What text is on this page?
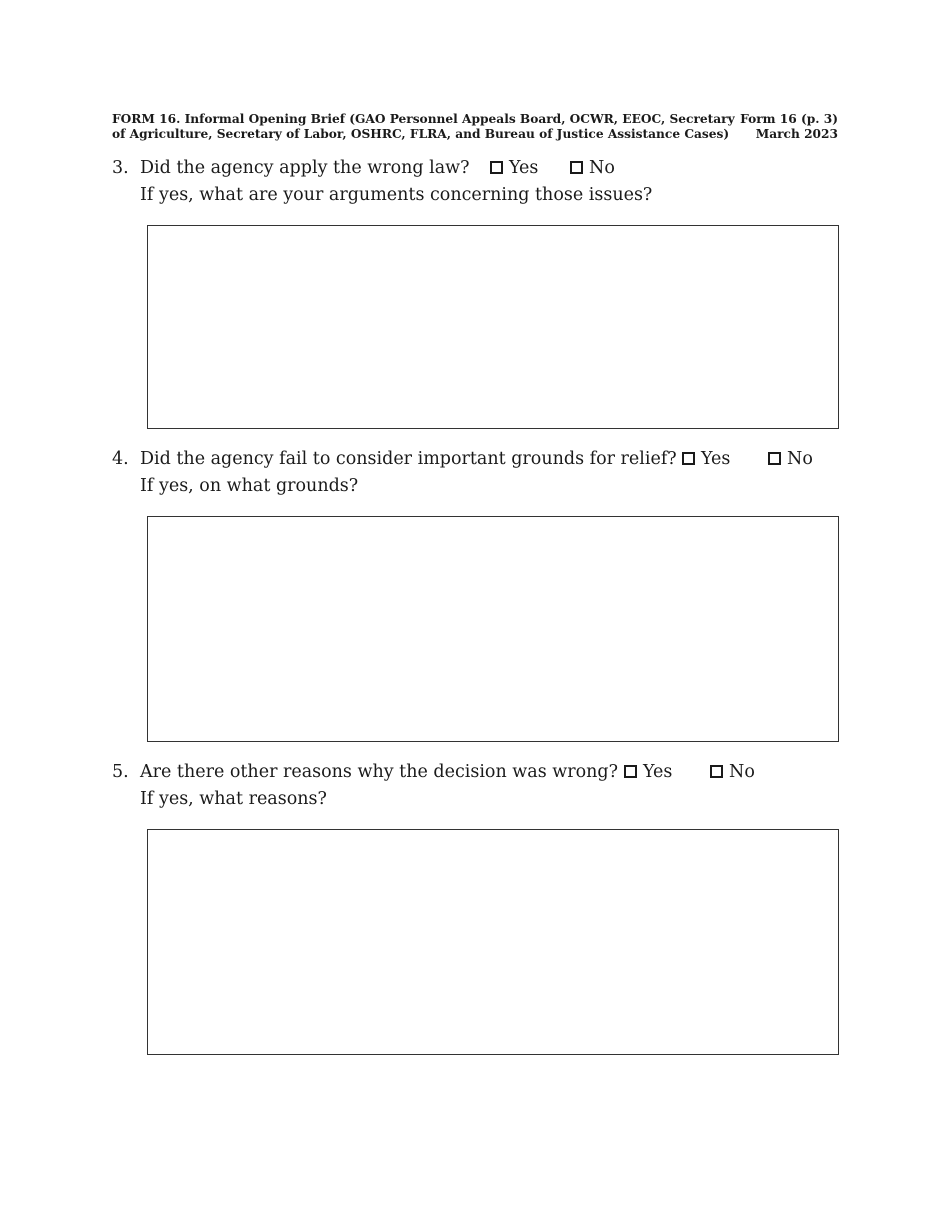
FORM 16. Informal Opening Brief (GAO Personnel Appeals Board, OCWR, EEOC, Secretary
of Agriculture, Secretary of Labor, OSHRC, FLRA, and Bureau of Justice Assistance Cases)
Form 16 (p. 3)
March 2023
3. Did the agency apply the wrong law?	Yes	No
If yes, what are your arguments concerning those issues?
4. Did the agency fail to consider important grounds for relief?	Yes	No
If yes, on what grounds?
5. Are there other reasons why the decision was wrong?	Yes	No
If yes, what reasons?
